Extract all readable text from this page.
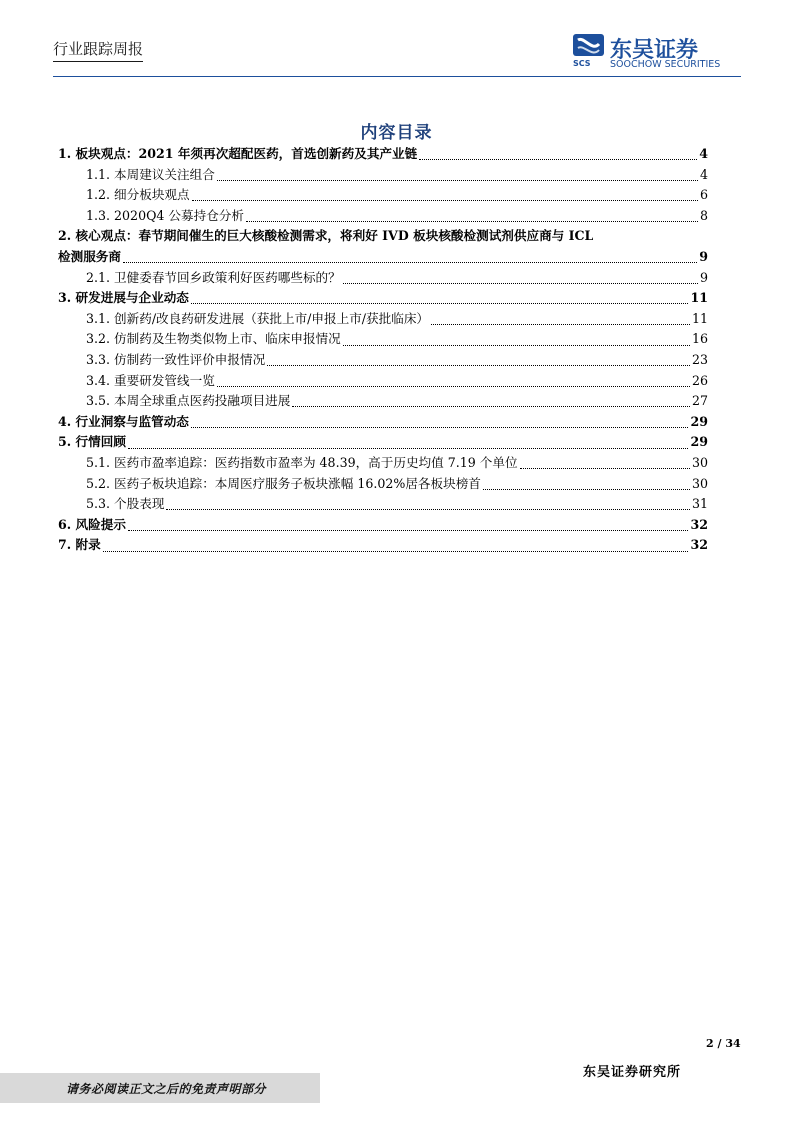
行业跟踪周报
SCS
东吴证券
SOOCHOW SECURITIES
内容目录
1. 板块观点：2021 年须再次超配医药，首选创新药及其产业链	4
1.1. 本周建议关注组合	4
1.2. 细分板块观点	6
1.3. 2020Q4 公募持仓分析	8
2. 核心观点：春节期间催生的巨大核酸检测需求，将利好 IVD 板块核酸检测试剂供应商与 ICL
检测服务商	9
2.1. 卫健委春节回乡政策利好医药哪些标的？	9
3. 研发进展与企业动态	11
3.1. 创新药/改良药研发进展（获批上市/申报上市/获批临床）	11
3.2. 仿制药及生物类似物上市、临床申报情况	16
3.3. 仿制药一致性评价申报情况	23
3.4. 重要研发管线一览	26
3.5. 本周全球重点医药投融项目进展	27
4. 行业洞察与监管动态	29
5. 行情回顾	29
5.1. 医药市盈率追踪：医药指数市盈率为 48.39，高于历史均值 7.19 个单位	30
5.2. 医药子板块追踪：本周医疗服务子板块涨幅 16.02%居各板块榜首	30
5.3. 个股表现	31
6. 风险提示	32
7. 附录	32
2 / 34
东吴证券研究所
请务必阅读正文之后的免责声明部分
